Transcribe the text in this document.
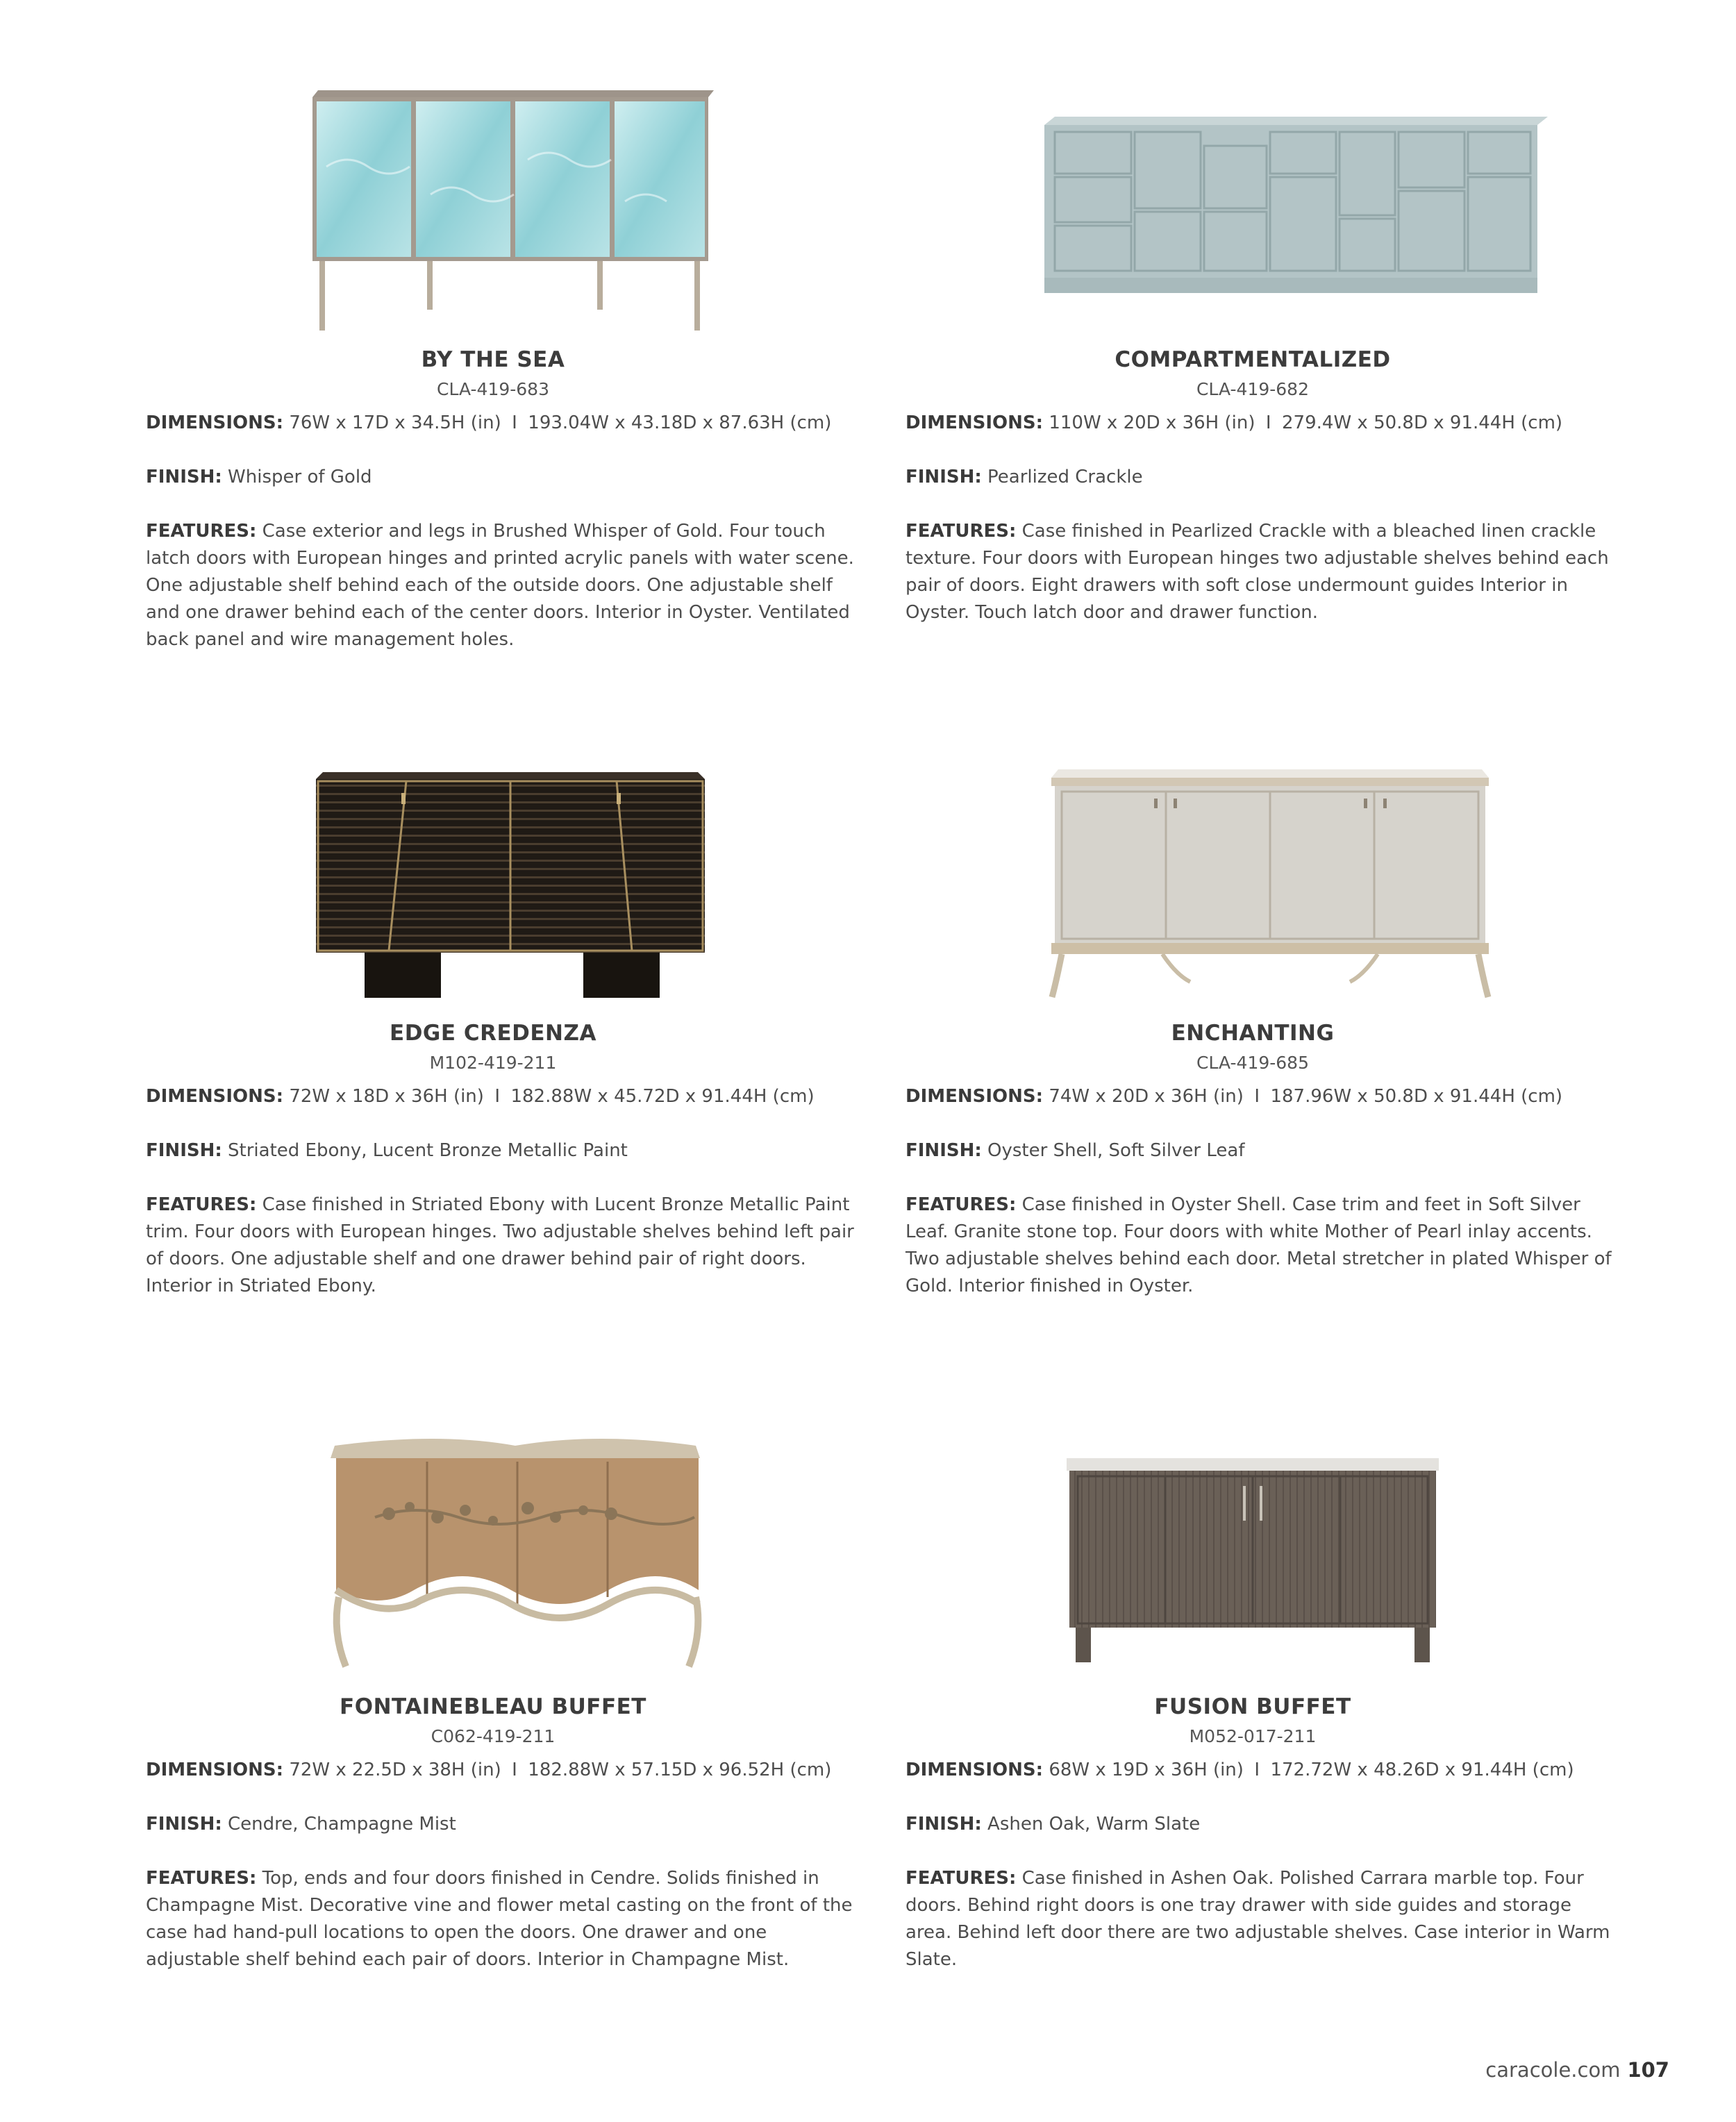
BY THE SEA
CLA-419-683
DIMENSIONS: 76W x 17D x 34.5H (in) I 193.04W x 43.18D x 87.63H (cm)
FINISH: Whisper of Gold
FEATURES: Case exterior and legs in Brushed Whisper of Gold. Four touch latch doors with European hinges and printed acrylic panels with water scene. One adjustable shelf behind each of the outside doors. One adjustable shelf and one drawer behind each of the center doors. Interior in Oyster. Ventilated back panel and wire management holes.
COMPARTMENTALIZED
CLA-419-682
DIMENSIONS: 110W x 20D x 36H (in) I 279.4W x 50.8D x 91.44H (cm)
FINISH: Pearlized Crackle
FEATURES: Case finished in Pearlized Crackle with a bleached linen crackle texture. Four doors with European hinges two adjustable shelves behind each pair of doors. Eight drawers with soft close undermount guides Interior in Oyster. Touch latch door and drawer function.
EDGE CREDENZA
M102-419-211
DIMENSIONS: 72W x 18D x 36H (in) I 182.88W x 45.72D x 91.44H (cm)
FINISH: Striated Ebony, Lucent Bronze Metallic Paint
FEATURES: Case finished in Striated Ebony with Lucent Bronze Metallic Paint trim. Four doors with European hinges. Two adjustable shelves behind left pair of doors. One adjustable shelf and one drawer behind pair of right doors. Interior in Striated Ebony.
ENCHANTING
CLA-419-685
DIMENSIONS: 74W x 20D x 36H (in) I 187.96W x 50.8D x 91.44H (cm)
FINISH: Oyster Shell, Soft Silver Leaf
FEATURES: Case finished in Oyster Shell. Case trim and feet in Soft Silver Leaf. Granite stone top. Four doors with white Mother of Pearl inlay accents. Two adjustable shelves behind each door. Metal stretcher in plated Whisper of Gold. Interior finished in Oyster.
FONTAINEBLEAU BUFFET
C062-419-211
DIMENSIONS: 72W x 22.5D x 38H (in) I 182.88W x 57.15D x 96.52H (cm)
FINISH: Cendre, Champagne Mist
FEATURES: Top, ends and four doors finished in Cendre. Solids finished in Champagne Mist. Decorative vine and flower metal casting on the front of the case had hand-pull locations to open the doors. One drawer and one adjustable shelf behind each pair of doors. Interior in Champagne Mist.
FUSION BUFFET
M052-017-211
DIMENSIONS: 68W x 19D x 36H (in) I 172.72W x 48.26D x 91.44H (cm)
FINISH: Ashen Oak, Warm Slate
FEATURES: Case finished in Ashen Oak. Polished Carrara marble top. Four doors. Behind right doors is one tray drawer with side guides and storage area. Behind left door there are two adjustable shelves. Case interior in Warm Slate.
caracole.com 107
